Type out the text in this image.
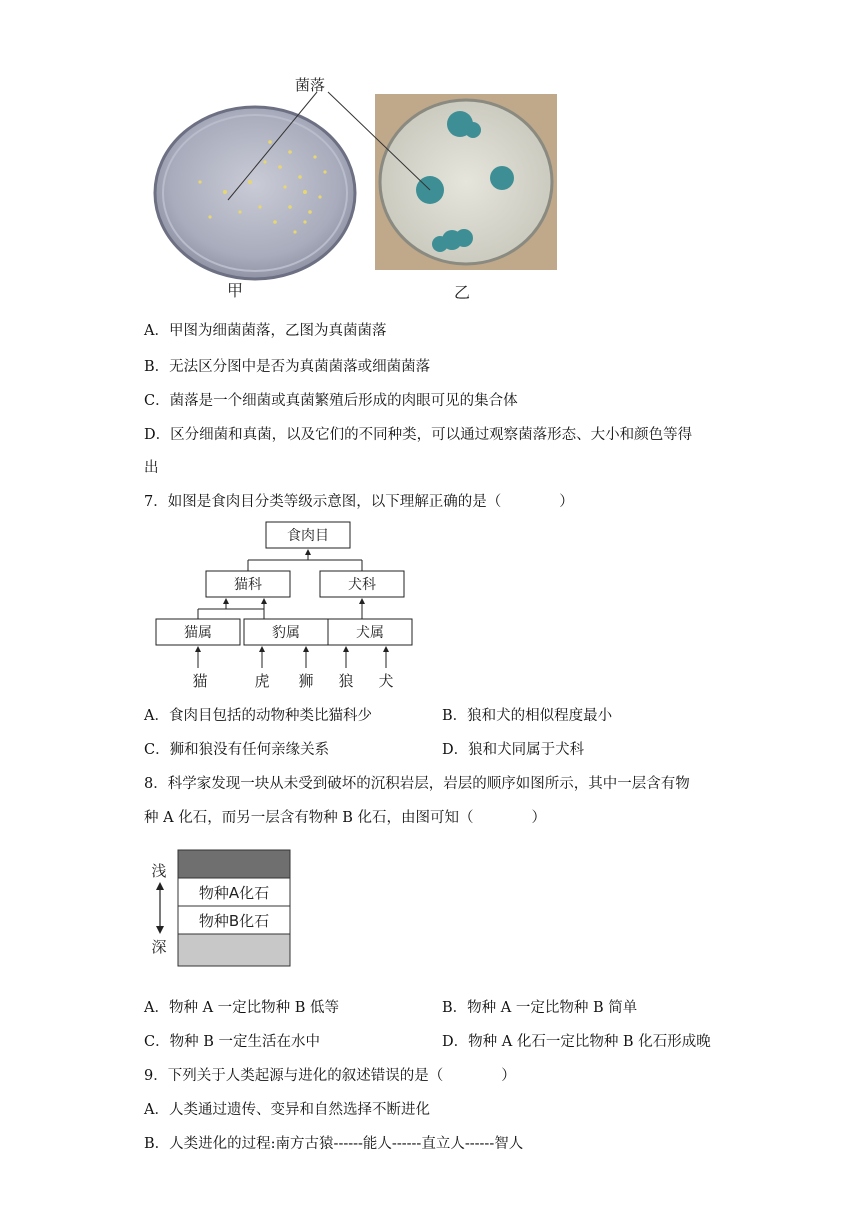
菌落
甲	乙
A．甲图为细菌菌落，乙图为真菌菌落
B．无法区分图中是否为真菌菌落或细菌菌落
C．菌落是一个细菌或真菌繁殖后形成的肉眼可见的集合体
D．区分细菌和真菌，以及它们的不同种类，可以通过观察菌落形态、大小和颜色等得
出
7．如图是食肉目分类等级示意图，以下理解正确的是（　　　　）
食肉目
猫科	犬科
猫属	豹属	犬属
猫	虎 狮 狼 犬
A．食肉目包括的动物种类比猫科少	B．狼和犬的相似程度最小
C．狮和狼没有任何亲缘关系	D．狼和犬同属于犬科
8．科学家发现一块从未受到破坏的沉积岩层，岩层的顺序如图所示，其中一层含有物
种 A 化石，而另一层含有物种 B 化石，由图可知（　　　　）
浅
深
物种A化石
物种B化石
A．物种 A 一定比物种 B 低等	B．物种 A 一定比物种 B 简单
C．物种 B 一定生活在水中	D．物种 A 化石一定比物种 B 化石形成晚
9．下列关于人类起源与进化的叙述错误的是（　　　　）
A．人类通过遗传、变异和自然选择不断进化
B．人类进化的过程:南方古猿------能人------直立人------智人
